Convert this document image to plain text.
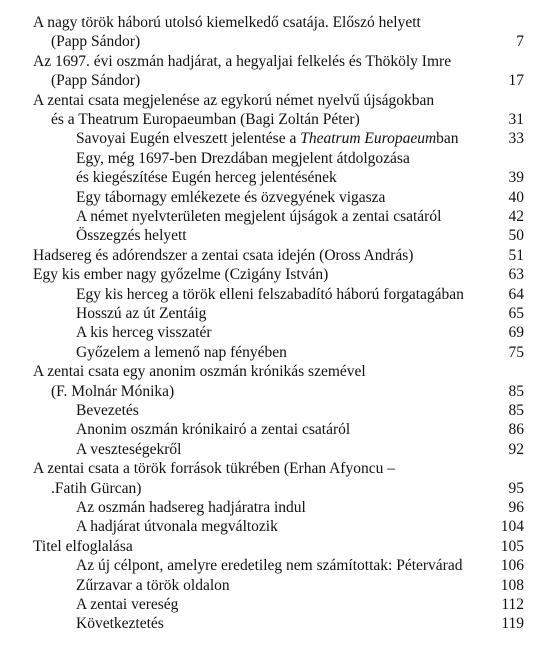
A nagy török háború utolsó kiemelkedő csatája. Előszó helyett
(Papp Sándor)	7
Az 1697. évi oszmán hadjárat, a hegyaljai felkelés és Thököly Imre
(Papp Sándor)	17
A zentai csata megjelenése az egykorú német nyelvű újságokban
és a Theatrum Europaeumban (Bagi Zoltán Péter)	31
Savoyai Eugén elveszett jelentése a Theatrum Europaeumban	33
Egy, még 1697-ben Drezdában megjelent átdolgozása
és kiegészítése Eugén herceg jelentésének	39
Egy tábornagy emlékezete és özvegyének vigasza	40
A német nyelvterületen megjelent újságok a zentai csatáról	42
Összegzés helyett	50
Hadsereg és adórendszer a zentai csata idején (Oross András)	51
Egy kis ember nagy győzelme (Czigány István)	63
Egy kis herceg a török elleni felszabadító háború forgatagában	64
Hosszú az út Zentáig	65
A kis herceg visszatér	69
Győzelem a lemenő nap fényében	75
A zentai csata egy anonim oszmán krónikás szemével
(F. Molnár Mónika)	85
Bevezetés	85
Anonim oszmán krónikairó a zentai csatáról	86
A veszteségekről	92
A zentai csata a török források tükrében (Erhan Afyoncu –
.Fatih Gürcan)	95
Az oszmán hadsereg hadjáratra indul	96
A hadjárat útvonala megváltozik	104
Titel elfoglalása	105
Az új célpont, amelyre eredetileg nem számítottak: Pétervárad	106
Zűrzavar a török oldalon	108
A zentai vereség	112
Következtetés	119
